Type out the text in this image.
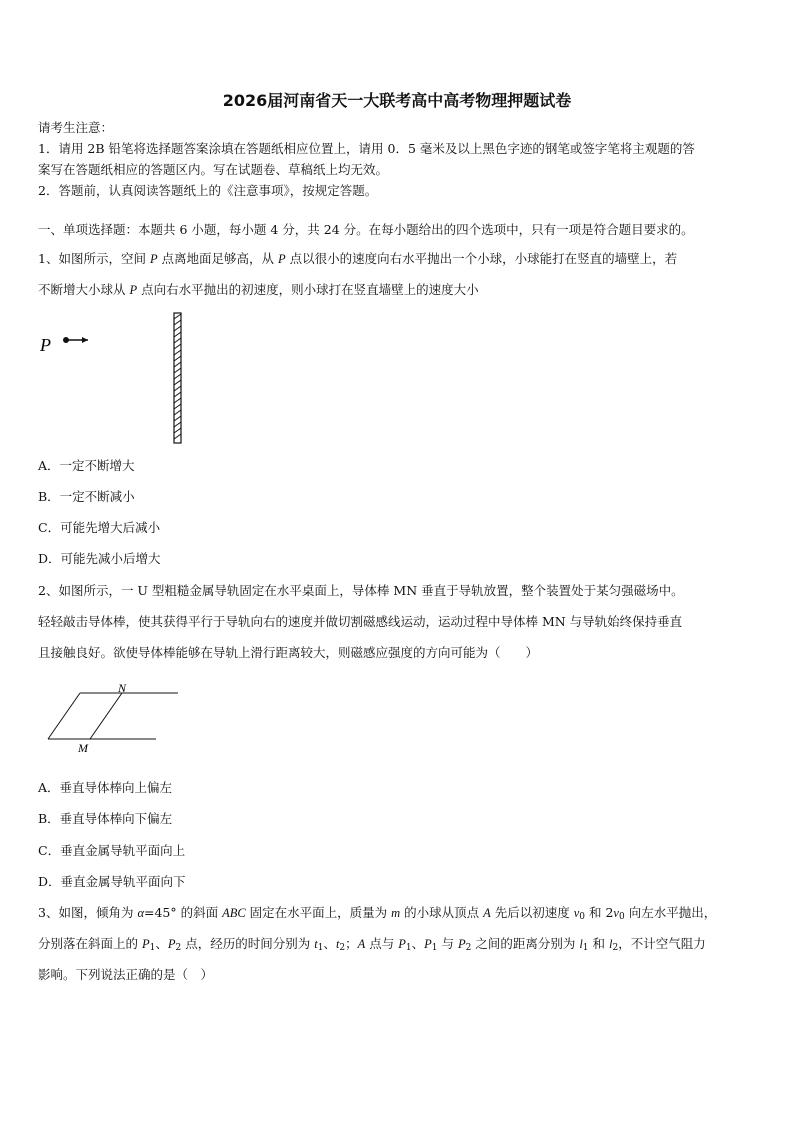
2026届河南省天一大联考高中高考物理押题试卷
请考生注意：
1．请用 2B 铅笔将选择题答案涂填在答题纸相应位置上，请用 0．5 毫米及以上黑色字迹的钢笔或签字笔将主观题的答
案写在答题纸相应的答题区内。写在试题卷、草稿纸上均无效。
2．答题前，认真阅读答题纸上的《注意事项》，按规定答题。
一、单项选择题：本题共 6 小题，每小题 4 分，共 24 分。在每小题给出的四个选项中，只有一项是符合题目要求的。
1、如图所示，空间 P 点离地面足够高，从 P 点以很小的速度向右水平抛出一个小球，小球能打在竖直的墙壁上，若
不断增大小球从 P 点向右水平抛出的初速度，则小球打在竖直墙壁上的速度大小
P
A．一定不断增大
B．一定不断减小
C．可能先增大后减小
D．可能先减小后增大
2、如图所示，一 U 型粗糙金属导轨固定在水平桌面上，导体棒 MN 垂直于导轨放置，整个装置处于某匀强磁场中。
轻轻敲击导体棒，使其获得平行于导轨向右的速度并做切割磁感线运动，运动过程中导体棒 MN 与导轨始终保持垂直
且接触良好。欲使导体棒能够在导轨上滑行距离较大，则磁感应强度的方向可能为（　　）
N
M
A．垂直导体棒向上偏左
B．垂直导体棒向下偏左
C．垂直金属导轨平面向上
D．垂直金属导轨平面向下
3、如图，倾角为 α=45° 的斜面 ABC 固定在水平面上，质量为 m 的小球从顶点 A 先后以初速度 $v_0$ 和 $2v_0$ 向左水平抛出，
分别落在斜面上的 $P_1$、$P_2$ 点，经历的时间分别为 $t_1$、$t_2$；A 点与 $P_1$、$P_1$ 与 $P_2$ 之间的距离分别为 $l_1$ 和 $l_2$，不计空气阻力
影响。下列说法正确的是（　）
